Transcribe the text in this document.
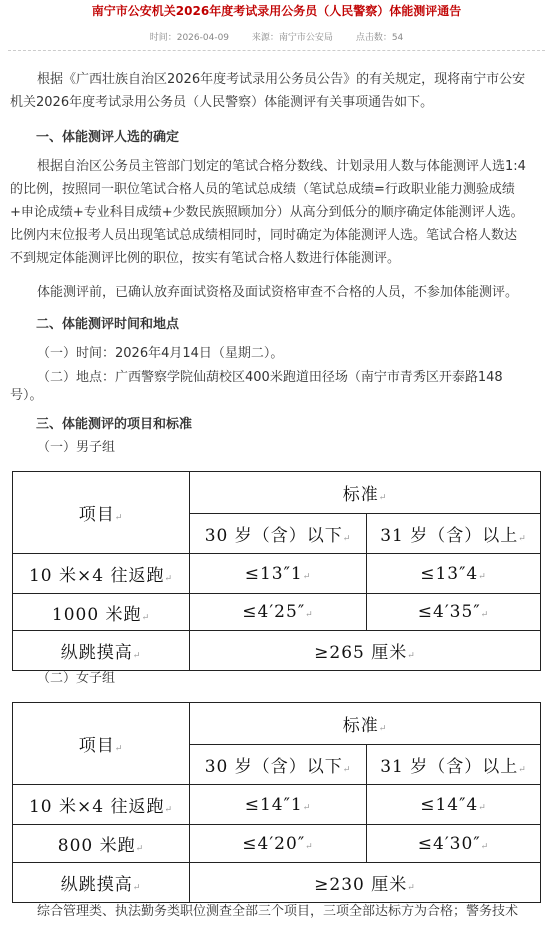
南宁市公安机关2026年度考试录用公务员（人民警察）体能测评通告
时间：2026-04-09	来源：南宁市公安局	点击数：54
根据《广西壮族自治区2026年度考试录用公务员公告》的有关规定，现将南宁市公安
机关2026年度考试录用公务员（人民警察）体能测评有关事项通告如下。
一、体能测评人选的确定
根据自治区公务员主管部门划定的笔试合格分数线、计划录用人数与体能测评人选1:4
的比例，按照同一职位笔试合格人员的笔试总成绩（笔试总成绩=行政职业能力测验成绩
+申论成绩+专业科目成绩+少数民族照顾加分）从高分到低分的顺序确定体能测评人选。
比例内末位报考人员出现笔试总成绩相同时，同时确定为体能测评人选。笔试合格人数达
不到规定体能测评比例的职位，按实有笔试合格人数进行体能测评。
体能测评前，已确认放弃面试资格及面试资格审查不合格的人员，不参加体能测评。
二、体能测评时间和地点
（一）时间：2026年4月14日（星期二）。
（二）地点：广西警察学院仙葫校区400米跑道田径场（南宁市青秀区开泰路148
号）。
三、体能测评的项目和标准
（一）男子组
项目↵	标准↵	
	30 岁（含）以下↵	31 岁（含）以上↵
10 米×4 往返跑↵	≤13″1↵	≤13″4↵
1000 米跑↵	≤4′25″↵	≤4′35″↵
纵跳摸高↵	≥265 厘米↵	
（二）女子组
项目↵	标准↵	
	30 岁（含）以下↵	31 岁（含）以上↵
10 米×4 往返跑↵	≤14″1↵	≤14″4↵
800 米跑↵	≤4′20″↵	≤4′30″↵
纵跳摸高↵	≥230 厘米↵	
综合管理类、执法勤务类职位测查全部三个项目，三项全部达标方为合格；警务技术
